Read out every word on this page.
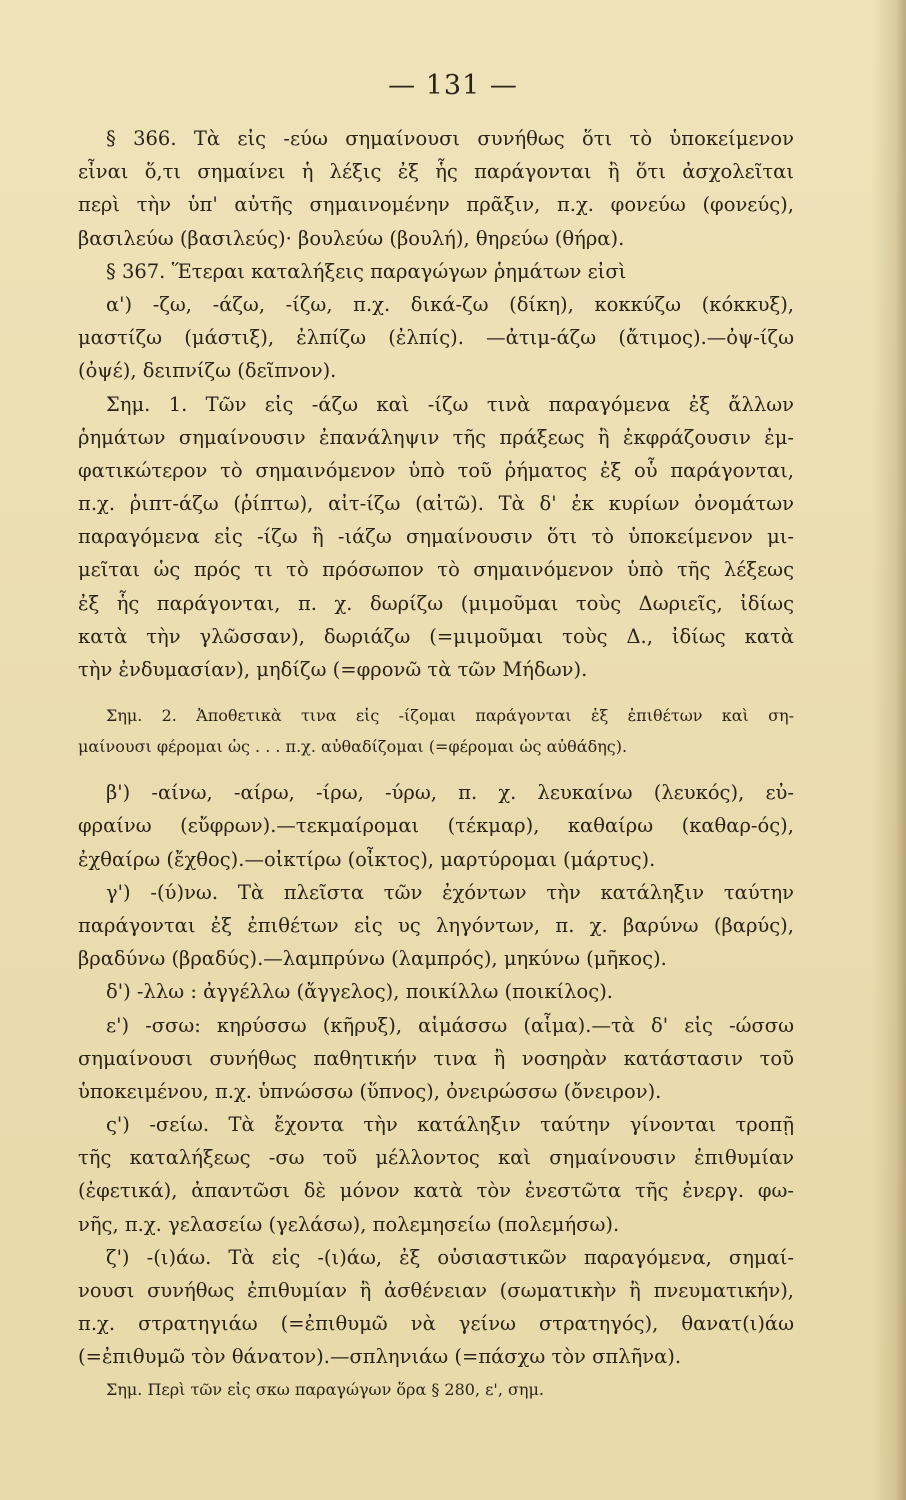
— 131 —
§ 366. Τὰ εἰς -εύω σημαίνουσι συνήθως ὅτι τὸ ὑποκείμενον
εἶναι ὅ,τι σημαίνει ἡ λέξις ἐξ ἧς παράγονται ἢ ὅτι ἀσχολεῖται
περὶ τὴν ὑπ' αὐτῆς σημαινομένην πρᾶξιν, π.χ. φονεύω (φονεύς),
βασιλεύω (βασιλεύς)· βουλεύω (βουλή), θηρεύω (θήρα).
§ 367. Ἕτεραι καταλήξεις παραγώγων ῥημάτων εἰσὶ
α') -ζω, -άζω, -ίζω, π.χ. δικά-ζω (δίκη), κοκκύζω (κόκκυξ),
μαστίζω (μάστιξ), ἐλπίζω (ἐλπίς). —ἀτιμ-άζω (ἄτιμος).—ὀψ-ίζω
(ὀψέ), δειπνίζω (δεῖπνον).
Σημ. 1. Τῶν εἰς -άζω καὶ -ίζω τινὰ παραγόμενα ἐξ ἄλλων
ῥημάτων σημαίνουσιν ἐπανάληψιν τῆς πράξεως ἢ ἐκφράζουσιν ἐμ-
φατικώτερον τὸ σημαινόμενον ὑπὸ τοῦ ῥήματος ἐξ οὗ παράγονται,
π.χ. ῥιπτ-άζω (ῥίπτω), αἰτ-ίζω (αἰτῶ). Τὰ δ' ἐκ κυρίων ὀνομάτων
παραγόμενα εἰς -ίζω ἢ -ιάζω σημαίνουσιν ὅτι τὸ ὑποκείμενον μι-
μεῖται ὡς πρός τι τὸ πρόσωπον τὸ σημαινόμενον ὑπὸ τῆς λέξεως
ἐξ ἧς παράγονται, π. χ. δωρίζω (μιμοῦμαι τοὺς Δωριεῖς, ἰδίως
κατὰ τὴν γλῶσσαν), δωριάζω (=μιμοῦμαι τοὺς Δ., ἰδίως κατὰ
τὴν ἐνδυμασίαν), μηδίζω (=φρονῶ τὰ τῶν Μήδων).
Σημ. 2. Ἀποθετικὰ τινα εἰς -ίζομαι παράγονται ἐξ ἐπιθέτων καὶ ση-
μαίνουσι φέρομαι ὡς . . . π.χ. αὐθαδίζομαι (=φέρομαι ὡς αὐθάδης).
β') -αίνω, -αίρω, -ίρω, -ύρω, π. χ. λευκαίνω (λευκός), εὐ-
φραίνω (εὔφρων).—τεκμαίρομαι (τέκμαρ), καθαίρω (καθαρ-ός),
ἐχθαίρω (ἔχθος).—οἰκτίρω (οἶκτος), μαρτύρομαι (μάρτυς).
γ') -(ύ)νω. Τὰ πλεῖστα τῶν ἐχόντων τὴν κατάληξιν ταύτην
παράγονται ἐξ ἐπιθέτων εἰς υς ληγόντων, π. χ. βαρύνω (βαρύς),
βραδύνω (βραδύς).—λαμπρύνω (λαμπρός), μηκύνω (μῆκος).
δ') -λλω : ἀγγέλλω (ἄγγελος), ποικίλλω (ποικίλος).
ε') -σσω: κηρύσσω (κῆρυξ), αἱμάσσω (αἷμα).—τὰ δ' εἰς -ώσσω
σημαίνουσι συνήθως παθητικήν τινα ἢ νοσηρὰν κατάστασιν τοῦ
ὑποκειμένου, π.χ. ὑπνώσσω (ὕπνος), ὀνειρώσσω (ὄνειρον).
ς') -σείω. Τὰ ἔχοντα τὴν κατάληξιν ταύτην γίνονται τροπῇ
τῆς καταλήξεως -σω τοῦ μέλλοντος καὶ σημαίνουσιν ἐπιθυμίαν
(ἐφετικά), ἀπαντῶσι δὲ μόνον κατὰ τὸν ἐνεστῶτα τῆς ἐνεργ. φω-
νῆς, π.χ. γελασείω (γελάσω), πολεμησείω (πολεμήσω).
ζ') -(ι)άω. Τὰ εἰς -(ι)άω, ἐξ οὐσιαστικῶν παραγόμενα, σημαί-
νουσι συνήθως ἐπιθυμίαν ἢ ἀσθένειαν (σωματικὴν ἢ πνευματικήν),
π.χ. στρατηγιάω (=ἐπιθυμῶ νὰ γείνω στρατηγός), θανατ(ι)άω
(=ἐπιθυμῶ τὸν θάνατον).—σπληνιάω (=πάσχω τὸν σπλῆνα).
Σημ. Περὶ τῶν εἰς σκω παραγώγων ὅρα § 280, ε', σημ.
